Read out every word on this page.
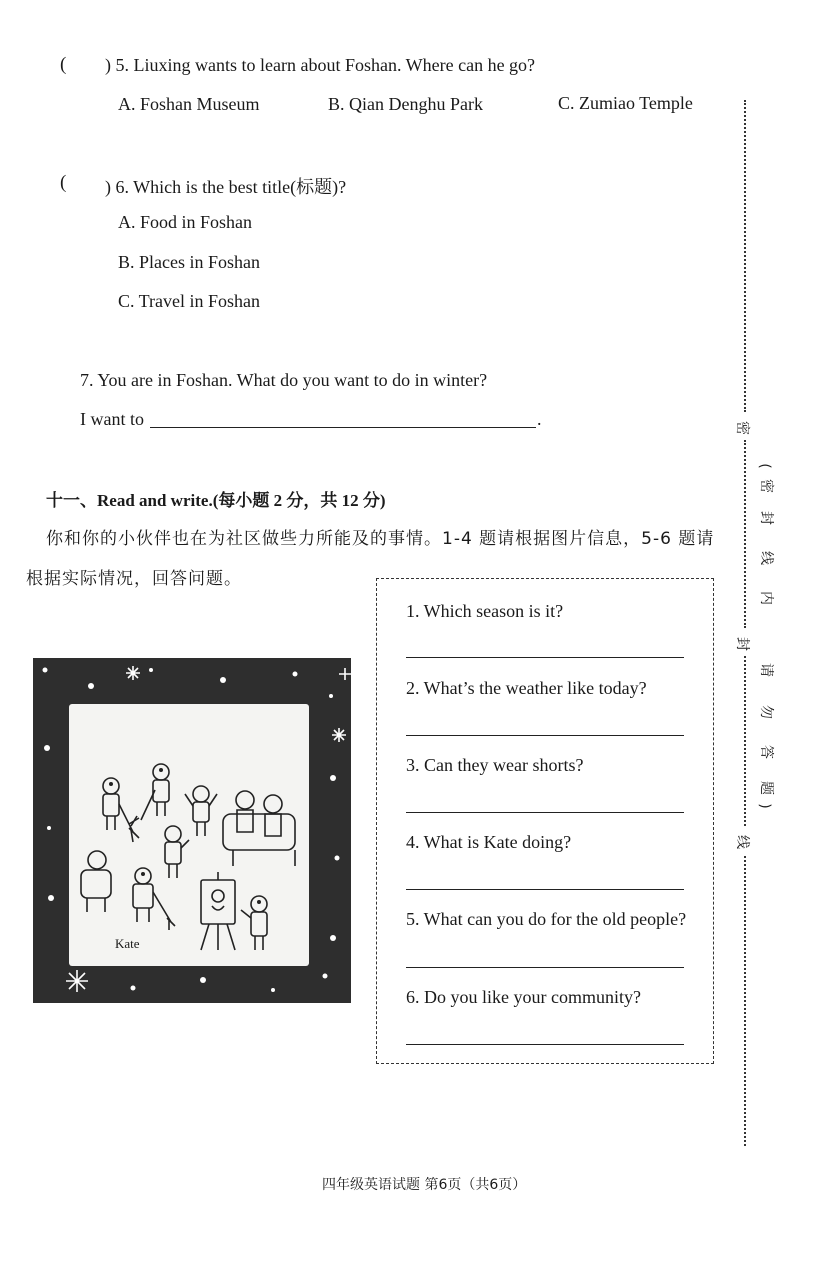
( ) 5. Liuxing wants to learn about Foshan. Where can he go?
A. Foshan Museum	B. Qian Denghu Park	C. Zumiao Temple
( ) 6. Which is the best title(标题)?
A. Food in Foshan
B. Places in Foshan
C. Travel in Foshan
7. You are in Foshan. What do you want to do in winter?
I want to	.
十一、Read and write.(每小题 2 分，共 12 分)
你和你的小伙伴也在为社区做些力所能及的事情。1-4 题请根据图片信息，5-6 题请
根据实际情况，回答问题。
Kate
1. Which season is it?
2. What’s the weather like today?
3. Can they wear shorts?
4. What is Kate doing?
5. What can you do for the old people?
6. Do you like your community?
密
封
线
(
密
封
线
内
请
勿
答
题
)
四年级英语试题 第6页（共6页）
